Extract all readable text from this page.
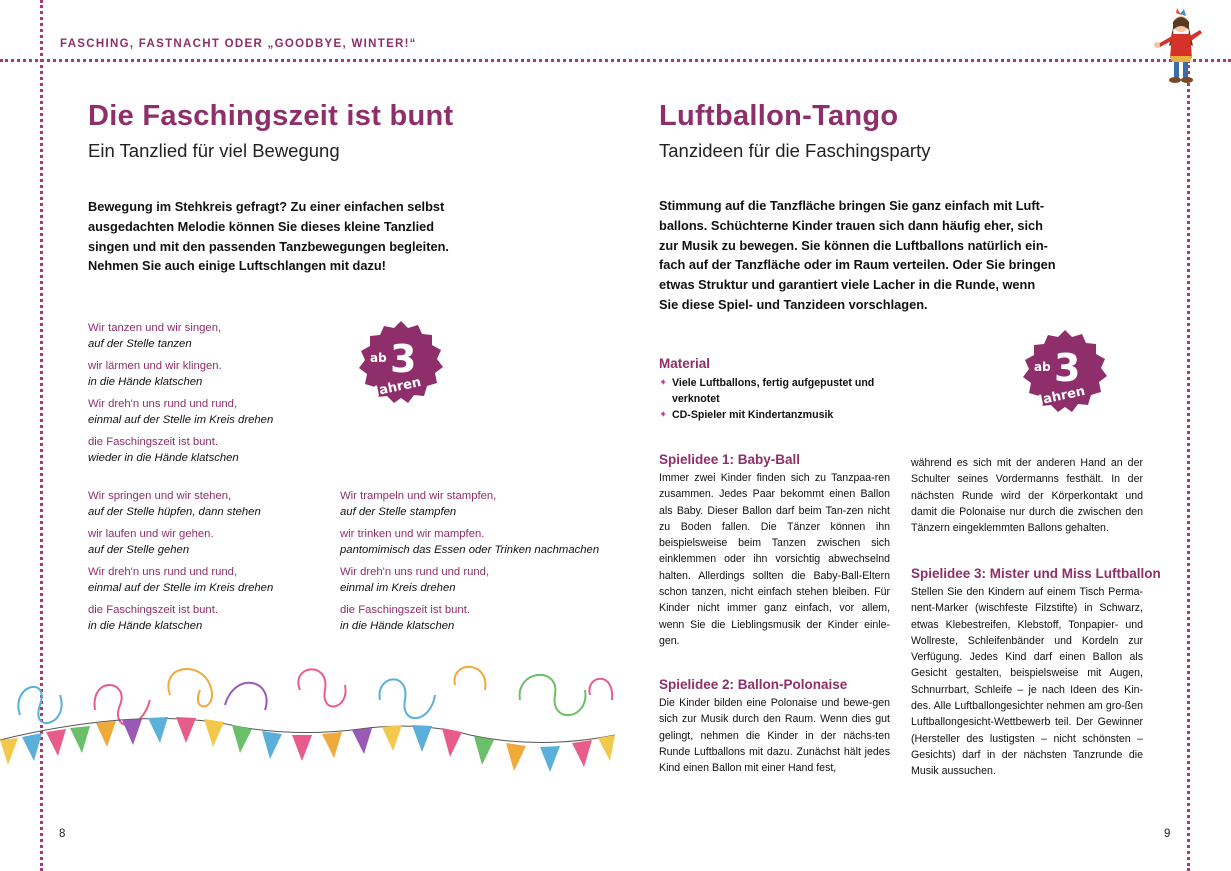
FASCHING, FASTNACHT ODER „GOODBYE, WINTER!“
Die Faschingszeit ist bunt
Ein Tanzlied für viel Bewegung
Bewegung im Stehkreis gefragt? Zu einer einfachen selbst
ausgedachten Melodie können Sie dieses kleine Tanzlied
singen und mit den passenden Tanzbewegungen begleiten.
Nehmen Sie auch einige Luftschlangen mit dazu!
ab 3
Jahren
Wir tanzen und wir singen,
auf der Stelle tanzen
wir lärmen und wir klingen.
in die Hände klatschen
Wir dreh'n uns rund und rund,
einmal auf der Stelle im Kreis drehen
die Faschingszeit ist bunt.
wieder in die Hände klatschen
Wir springen und wir stehen,
auf der Stelle hüpfen, dann stehen
wir laufen und wir gehen.
auf der Stelle gehen
Wir dreh'n uns rund und rund,
einmal auf der Stelle im Kreis drehen
die Faschingszeit ist bunt.
in die Hände klatschen
Wir trampeln und wir stampfen,
auf der Stelle stampfen
wir trinken und wir mampfen.
pantomimisch das Essen oder Trinken nachmachen
Wir dreh'n uns rund und rund,
einmal im Kreis drehen
die Faschingszeit ist bunt.
in die Hände klatschen
8
Luftballon-Tango
Tanzideen für die Faschingsparty
Stimmung auf die Tanzfläche bringen Sie ganz einfach mit Luft-
ballons. Schüchterne Kinder trauen sich dann häufig eher, sich
zur Musik zu bewegen. Sie können die Luftballons natürlich ein-
fach auf der Tanzfläche oder im Raum verteilen. Oder Sie bringen
etwas Struktur und garantiert viele Lacher in die Runde, wenn
Sie diese Spiel- und Tanzideen vorschlagen.
ab 3
Jahren
Material
➧ Viele Luftballons, fertig aufgepustet und verknotet
➧ CD-Spieler mit Kindertanzmusik
Spielidee 1: Baby-Ball
Immer zwei Kinder finden sich zu Tanzpaa-ren zusammen. Jedes Paar bekommt einen Ballon als Baby. Dieser Ballon darf beim Tan-zen nicht zu Boden fallen. Die Tänzer können ihn beispielsweise beim Tanzen zwischen sich einklemmen oder ihn vorsichtig abwechselnd halten. Allerdings sollten die Baby-Ball-Eltern schon tanzen, nicht einfach stehen bleiben. Für Kinder nicht immer ganz einfach, vor allem, wenn Sie die Lieblingsmusik der Kinder einle-gen.
Spielidee 2: Ballon-Polonaise
Die Kinder bilden eine Polonaise und bewe-gen sich zur Musik durch den Raum. Wenn dies gut gelingt, nehmen die Kinder in der nächs-ten Runde Luftballons mit dazu. Zunächst hält jedes Kind einen Ballon mit einer Hand fest,
während es sich mit der anderen Hand an der Schulter seines Vordermanns festhält. In der nächsten Runde wird der Körperkontakt und damit die Polonaise nur durch die zwischen den Tänzern eingeklemmten Ballons gehalten.
Spielidee 3: Mister und Miss Luftballon
Stellen Sie den Kindern auf einem Tisch Perma-nent-Marker (wischfeste Filzstifte) in Schwarz, etwas Klebestreifen, Klebstoff, Tonpapier- und Wollreste, Schleifenbänder und Kordeln zur Verfügung. Jedes Kind darf einen Ballon als Gesicht gestalten, beispielsweise mit Augen, Schnurrbart, Schleife – je nach Ideen des Kin-des. Alle Luftballongesichter nehmen am gro-ßen Luftballongesicht-Wettbewerb teil. Der Gewinner (Hersteller des lustigsten – nicht schönsten – Gesichts) darf in der nächsten Tanzrunde die Musik aussuchen.
9
